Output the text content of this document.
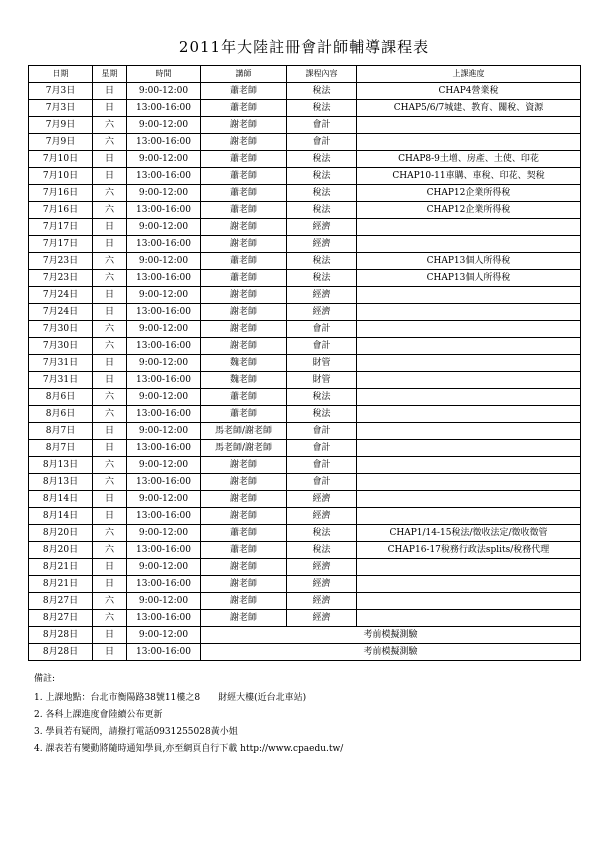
2011年大陸註冊會計師輔導課程表
日期	星期	時間	講師	課程內容	上課進度
7月3日	日	9:00-12:00	蕭老師	稅法	CHAP4營業稅
7月3日	日	13:00-16:00	蕭老師	稅法	CHAP5/6/7城建、教育、關稅、資源
7月9日	六	9:00-12:00	謝老師	會計	
7月9日	六	13:00-16:00	謝老師	會計	
7月10日	日	9:00-12:00	蕭老師	稅法	CHAP8-9土增、房產、土使、印花
7月10日	日	13:00-16:00	蕭老師	稅法	CHAP10-11車購、車稅、印花、契稅
7月16日	六	9:00-12:00	蕭老師	稅法	CHAP12企業所得稅
7月16日	六	13:00-16:00	蕭老師	稅法	CHAP12企業所得稅
7月17日	日	9:00-12:00	謝老師	經濟	
7月17日	日	13:00-16:00	謝老師	經濟	
7月23日	六	9:00-12:00	蕭老師	稅法	CHAP13個人所得稅
7月23日	六	13:00-16:00	蕭老師	稅法	CHAP13個人所得稅
7月24日	日	9:00-12:00	謝老師	經濟	
7月24日	日	13:00-16:00	謝老師	經濟	
7月30日	六	9:00-12:00	謝老師	會計	
7月30日	六	13:00-16:00	謝老師	會計	
7月31日	日	9:00-12:00	魏老師	財管	
7月31日	日	13:00-16:00	魏老師	財管	
8月6日	六	9:00-12:00	蕭老師	稅法	
8月6日	六	13:00-16:00	蕭老師	稅法	
8月7日	日	9:00-12:00	馬老師/謝老師	會計	
8月7日	日	13:00-16:00	馬老師/謝老師	會計	
8月13日	六	9:00-12:00	謝老師	會計	
8月13日	六	13:00-16:00	謝老師	會計	
8月14日	日	9:00-12:00	謝老師	經濟	
8月14日	日	13:00-16:00	謝老師	經濟	
8月20日	六	9:00-12:00	蕭老師	稅法	CHAP1/14-15稅法/徵收法定/徵收徵管
8月20日	六	13:00-16:00	蕭老師	稅法	CHAP16-17稅務行政法splits/稅務代理
8月21日	日	9:00-12:00	謝老師	經濟	
8月21日	日	13:00-16:00	謝老師	經濟	
8月27日	六	9:00-12:00	謝老師	經濟	
8月27日	六	13:00-16:00	謝老師	經濟	
8月28日	日	9:00-12:00	考前模擬測驗		
8月28日	日	13:00-16:00	考前模擬測驗		
備註:
1. 上課地點：台北市衡陽路38號11樓之8　　財經大樓(近台北車站)
2. 各科上課進度會陸續公布更新
3. 學員若有疑問，請撥打電話0931255028黃小姐
4. 課表若有變動將隨時通知學員,亦至網頁自行下載 http://www.cpaedu.tw/
